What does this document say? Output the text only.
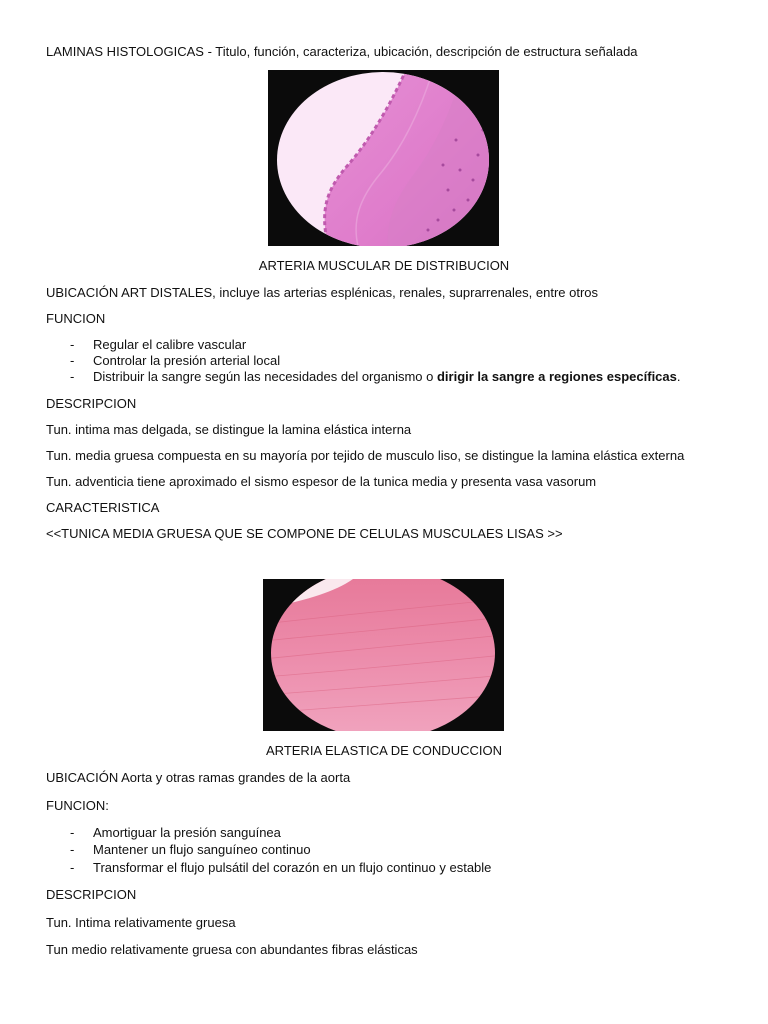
LAMINAS HISTOLOGICAS - Titulo, función, caracteriza, ubicación, descripción de estructura señalada
ARTERIA MUSCULAR DE DISTRIBUCION
UBICACIÓN ART DISTALES, incluye las arterias esplénicas, renales, suprarrenales, entre otros
FUNCION
- Regular el calibre vascular
- Controlar la presión arterial local
- Distribuir la sangre según las necesidades del organismo o dirigir la sangre a regiones específicas.
DESCRIPCION
Tun. intima mas delgada, se distingue la lamina elástica interna
Tun. media gruesa compuesta en su mayoría por tejido de musculo liso, se distingue la lamina elástica externa
Tun. adventicia tiene aproximado el sismo espesor de la tunica media y presenta vasa vasorum
CARACTERISTICA
<<TUNICA MEDIA GRUESA QUE SE COMPONE DE CELULAS MUSCULAES LISAS >>
ARTERIA ELASTICA DE CONDUCCION
UBICACIÓN Aorta y otras ramas grandes de la aorta
FUNCION:
- Amortiguar la presión sanguínea
- Mantener un flujo sanguíneo continuo
- Transformar el flujo pulsátil del corazón en un flujo continuo y estable
DESCRIPCION
Tun. Intima relativamente gruesa
Tun medio relativamente gruesa con abundantes fibras elásticas
